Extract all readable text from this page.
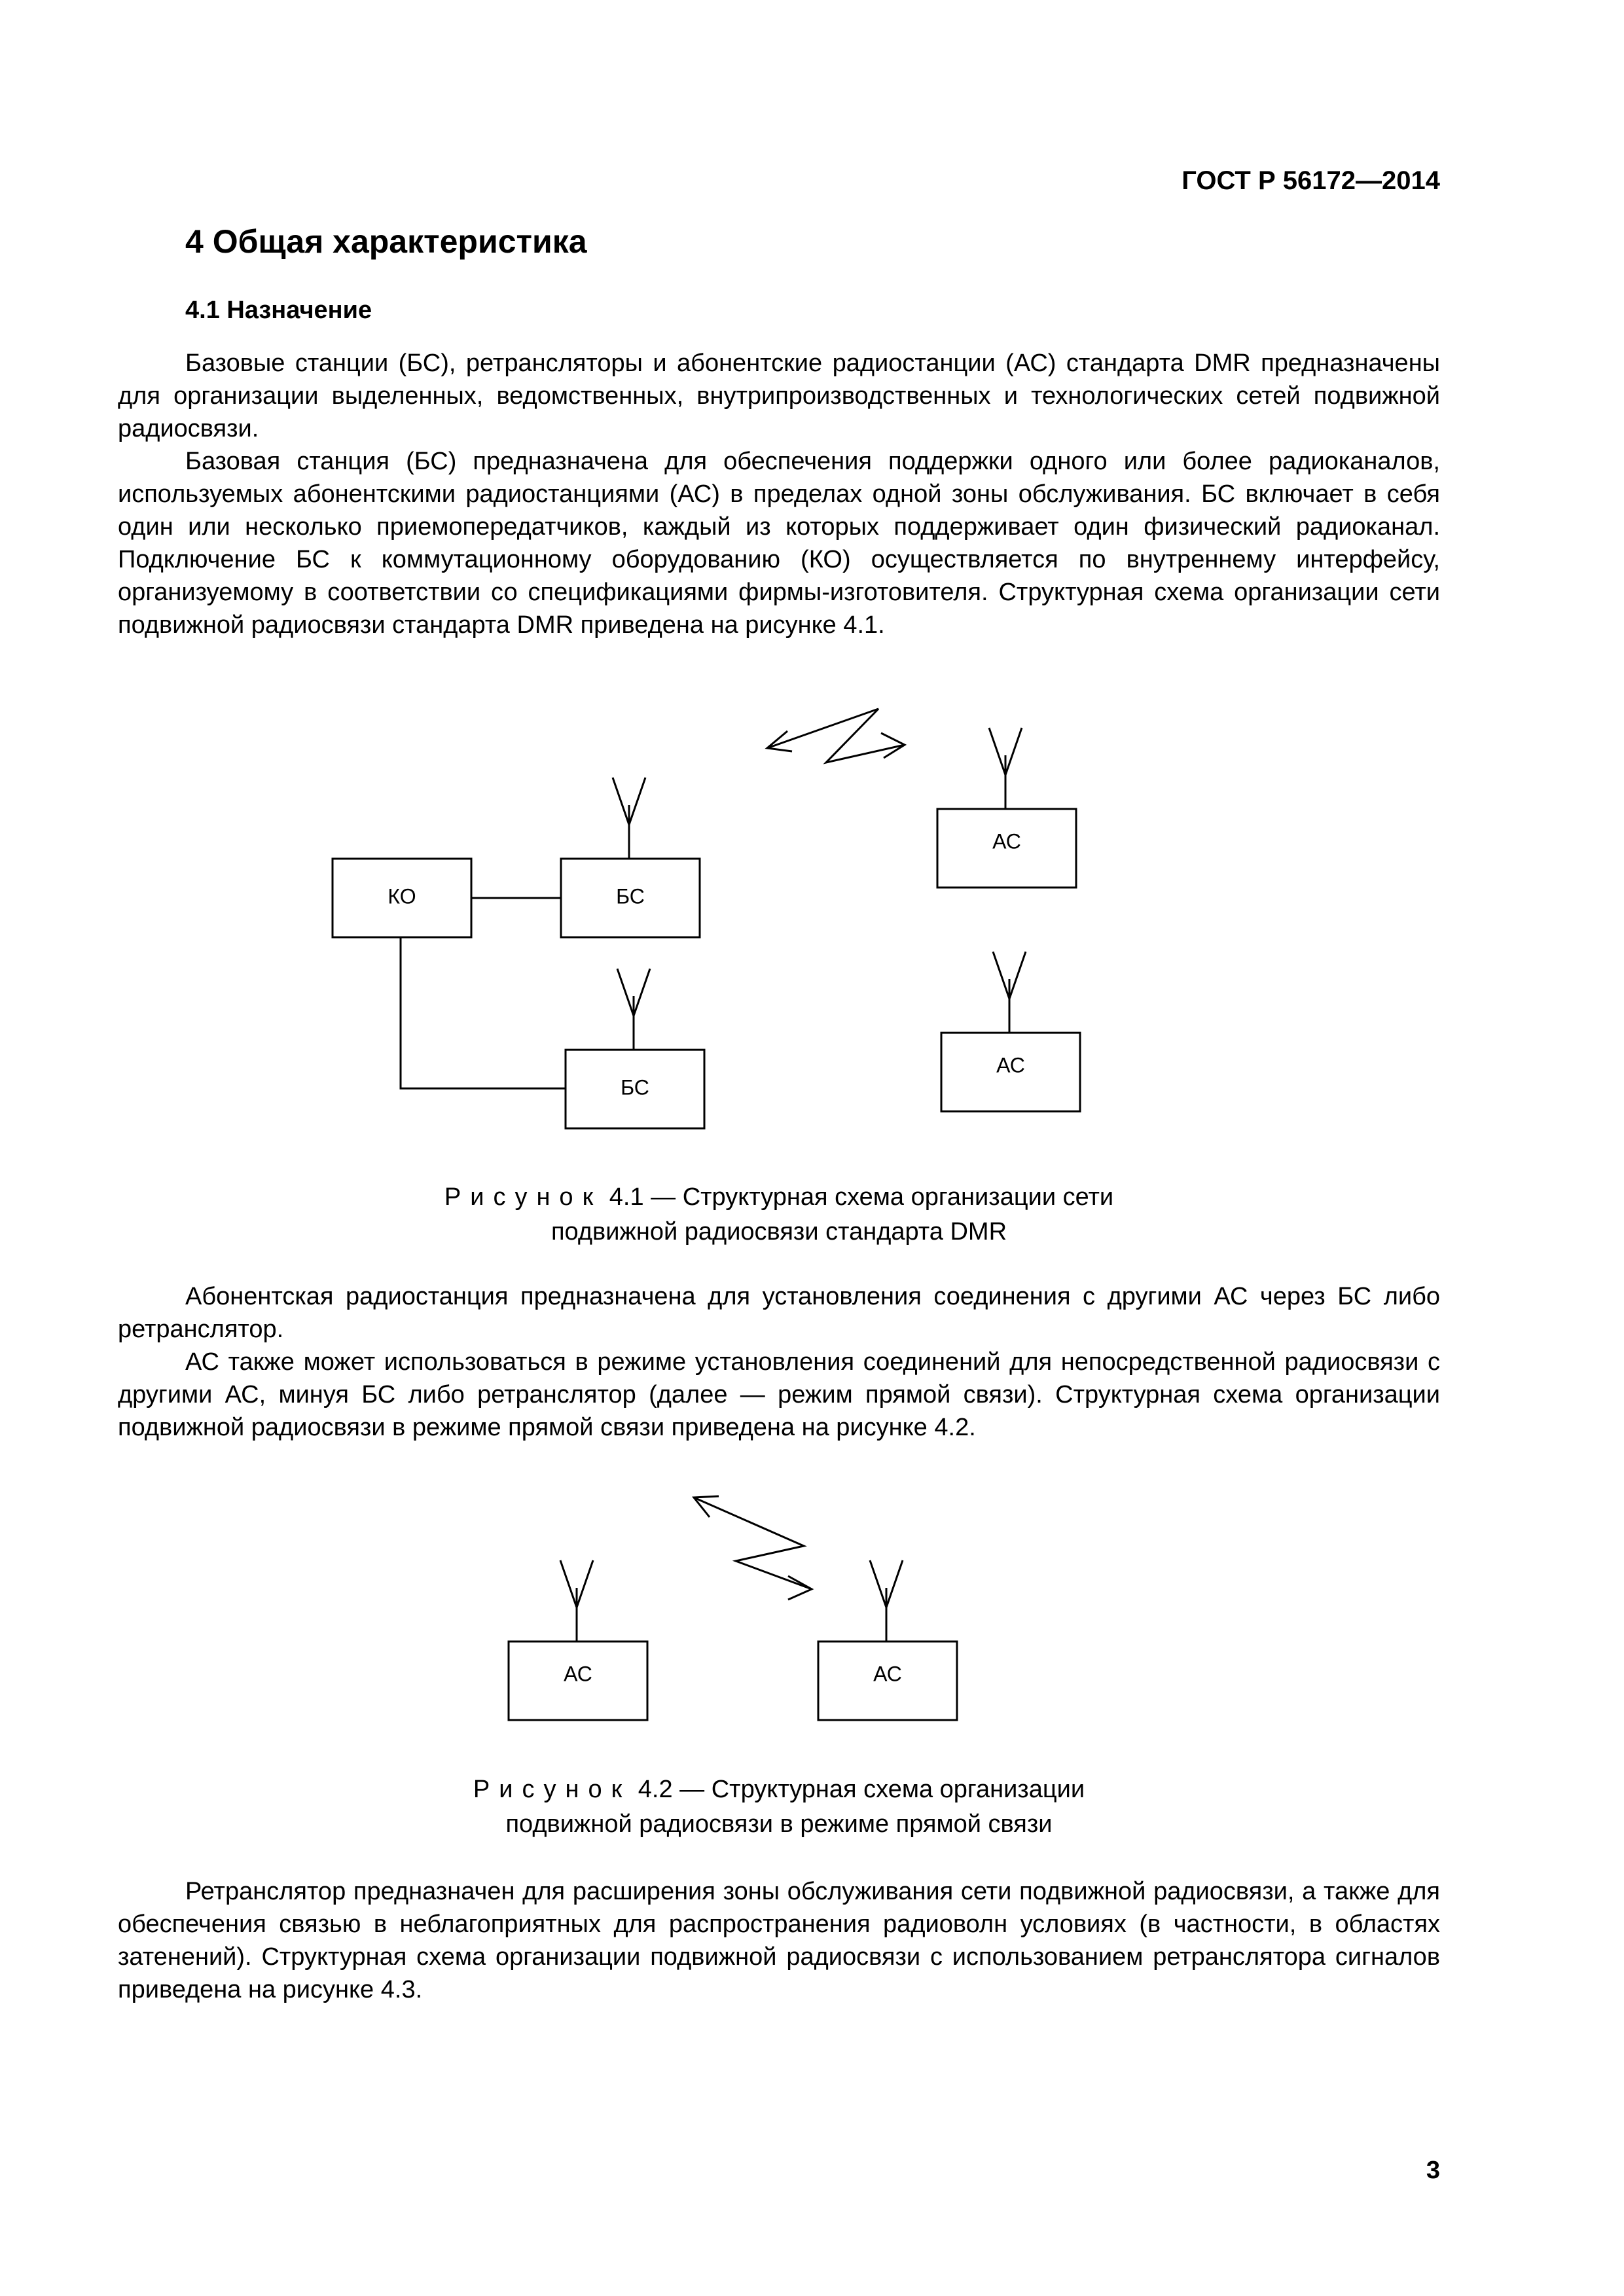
ГОСТ Р 56172—2014
4 Общая характеристика
4.1 Назначение
Базовые станции (БС), ретрансляторы и абонентские радиостанции (АС) стандарта DMR предназначены для организации выделенных, ведомственных, внутрипроизводственных и технологических сетей подвижной радиосвязи.
Базовая станция (БС) предназначена для обеспечения поддержки одного или более радиоканалов, используемых абонентскими радиостанциями (АС) в пределах одной зоны обслуживания. БС включает в себя один или несколько приемопередатчиков, каждый из которых поддерживает один физический радиоканал. Подключение БС к коммутационному оборудованию (КО) осуществляется по внутреннему интерфейсу, организуемому в соответствии со спецификациями фирмы-изготовителя. Структурная схема организации сети подвижной радиосвязи стандарта DMR приведена на рисунке 4.1.
КО	БС
БС
АС
АС
АС	АС
Рисунок 4.1 — Структурная схема организации сети
подвижной радиосвязи стандарта DMR
Абонентская радиостанция предназначена для установления соединения с другими АС через БС либо ретранслятор.
АС также может использоваться в режиме установления соединений для непосредственной радиосвязи с другими АС, минуя БС либо ретранслятор (далее — режим прямой связи). Структурная схема организации подвижной радиосвязи в режиме прямой связи приведена на рисунке 4.2.
Рисунок 4.2 — Структурная схема организации
подвижной радиосвязи в режиме прямой связи
Ретранслятор предназначен для расширения зоны обслуживания сети подвижной радиосвязи, а также для обеспечения связью в неблагоприятных для распространения радиоволн условиях (в частности, в областях затенений). Структурная схема организации подвижной радиосвязи с использованием ретранслятора сигналов приведена на рисунке 4.3.
3
